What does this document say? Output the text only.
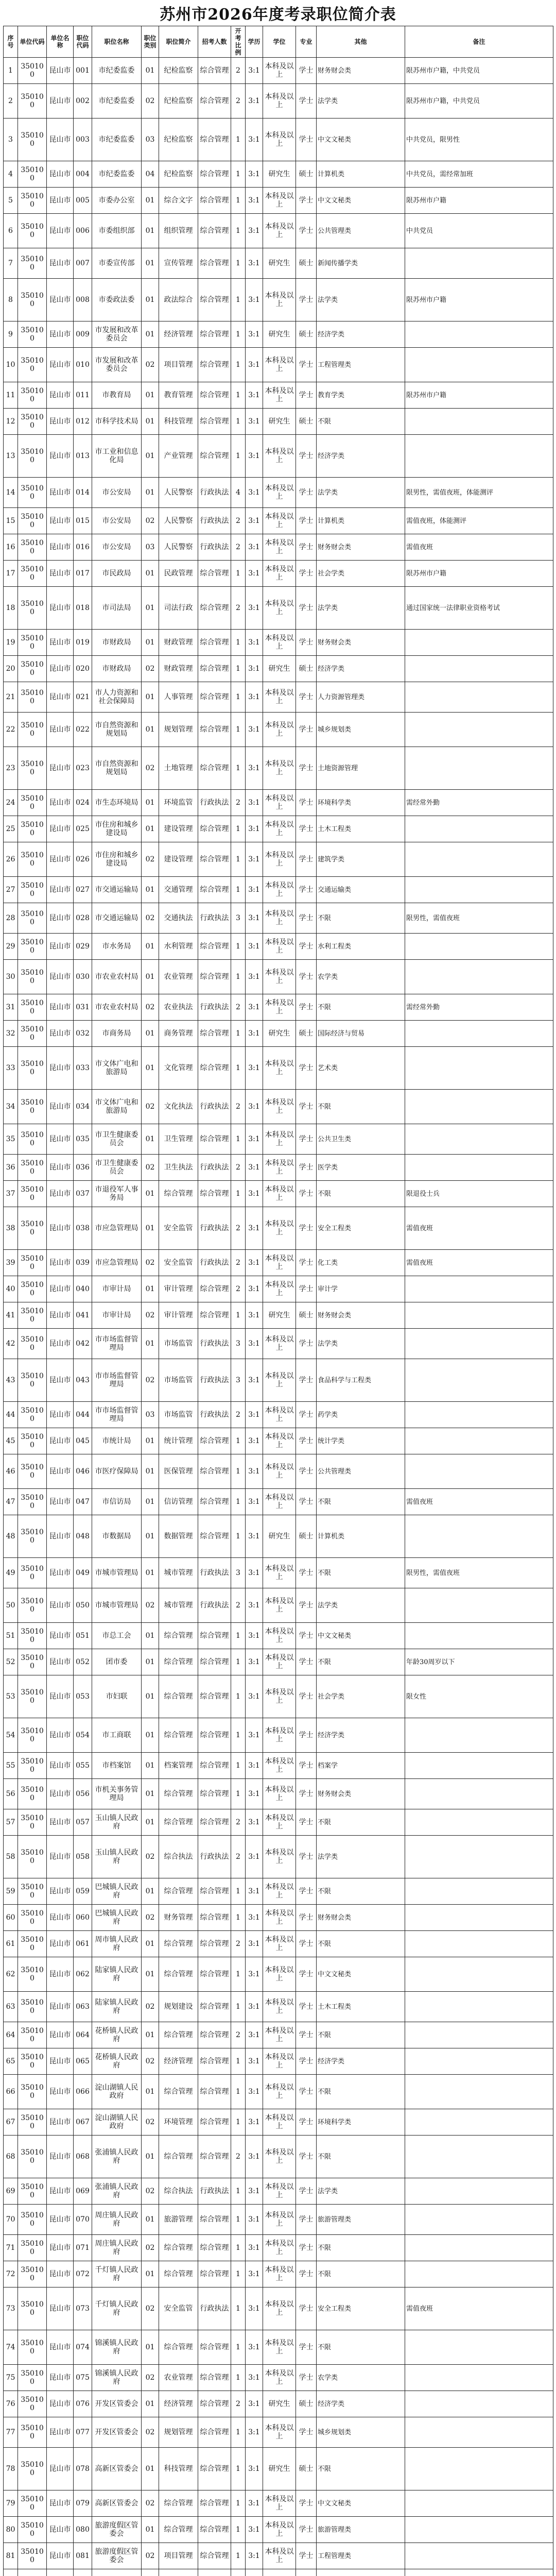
苏州市2026年度考录职位简介表
序号	单位代码	单位名称	职位代码	职位名称	职位类别	职位简介	招考人数	开考比例	学历	学位	专业	其他	备注
1	350100	昆山市	001	市纪委监委	01	纪检监察	综合管理	2	3:1	本科及以上	学士	财务财会类	限苏州市户籍，中共党员
2	350100	昆山市	002	市纪委监委	02	纪检监察	综合管理	2	3:1	本科及以上	学士	法学类	限苏州市户籍，中共党员
3	350100	昆山市	003	市纪委监委	03	纪检监察	综合管理	1	3:1	本科及以上	学士	中文文秘类	中共党员，限男性
4	350100	昆山市	004	市纪委监委	04	纪检监察	综合管理	1	3:1	研究生	硕士	计算机类	中共党员，需经常加班
5	350100	昆山市	005	市委办公室	01	综合文字	综合管理	1	3:1	本科及以上	学士	中文文秘类	限苏州市户籍
6	350100	昆山市	006	市委组织部	01	组织管理	综合管理	1	3:1	本科及以上	学士	公共管理类	中共党员
7	350100	昆山市	007	市委宣传部	01	宣传管理	综合管理	1	3:1	研究生	硕士	新闻传播学类	
8	350100	昆山市	008	市委政法委	01	政法综合	综合管理	1	3:1	本科及以上	学士	法学类	限苏州市户籍
9	350100	昆山市	009	市发展和改革委员会	01	经济管理	综合管理	1	3:1	研究生	硕士	经济学类	
10	350100	昆山市	010	市发展和改革委员会	02	项目管理	综合管理	1	3:1	本科及以上	学士	工程管理类	
11	350100	昆山市	011	市教育局	01	教育管理	综合管理	1	3:1	本科及以上	学士	教育学类	限苏州市户籍
12	350100	昆山市	012	市科学技术局	01	科技管理	综合管理	1	3:1	研究生	硕士	不限	
13	350100	昆山市	013	市工业和信息化局	01	产业管理	综合管理	1	3:1	本科及以上	学士	经济学类	
14	350100	昆山市	014	市公安局	01	人民警察	行政执法	4	3:1	本科及以上	学士	法学类	限男性，需值夜班，体能测评
15	350100	昆山市	015	市公安局	02	人民警察	行政执法	2	3:1	本科及以上	学士	计算机类	需值夜班，体能测评
16	350100	昆山市	016	市公安局	03	人民警察	行政执法	2	3:1	本科及以上	学士	财务财会类	需值夜班
17	350100	昆山市	017	市民政局	01	民政管理	综合管理	1	3:1	本科及以上	学士	社会学类	限苏州市户籍
18	350100	昆山市	018	市司法局	01	司法行政	综合管理	2	3:1	本科及以上	学士	法学类	通过国家统一法律职业资格考试
19	350100	昆山市	019	市财政局	01	财政管理	综合管理	1	3:1	本科及以上	学士	财务财会类	
20	350100	昆山市	020	市财政局	02	财政管理	综合管理	1	3:1	研究生	硕士	经济学类	
21	350100	昆山市	021	市人力资源和社会保障局	01	人事管理	综合管理	1	3:1	本科及以上	学士	人力资源管理类	
22	350100	昆山市	022	市自然资源和规划局	01	规划管理	综合管理	1	3:1	本科及以上	学士	城乡规划类	
23	350100	昆山市	023	市自然资源和规划局	02	土地管理	综合管理	1	3:1	本科及以上	学士	土地资源管理	
24	350100	昆山市	024	市生态环境局	01	环境监管	行政执法	2	3:1	本科及以上	学士	环境科学类	需经常外勤
25	350100	昆山市	025	市住房和城乡建设局	01	建设管理	综合管理	1	3:1	本科及以上	学士	土木工程类	
26	350100	昆山市	026	市住房和城乡建设局	02	建设管理	综合管理	1	3:1	本科及以上	学士	建筑学类	
27	350100	昆山市	027	市交通运输局	01	交通管理	综合管理	1	3:1	本科及以上	学士	交通运输类	
28	350100	昆山市	028	市交通运输局	02	交通执法	行政执法	3	3:1	本科及以上	学士	不限	限男性，需值夜班
29	350100	昆山市	029	市水务局	01	水利管理	综合管理	1	3:1	本科及以上	学士	水利工程类	
30	350100	昆山市	030	市农业农村局	01	农业管理	综合管理	1	3:1	本科及以上	学士	农学类	
31	350100	昆山市	031	市农业农村局	02	农业执法	行政执法	2	3:1	本科及以上	学士	不限	需经常外勤
32	350100	昆山市	032	市商务局	01	商务管理	综合管理	1	3:1	研究生	硕士	国际经济与贸易	
33	350100	昆山市	033	市文体广电和旅游局	01	文化管理	综合管理	1	3:1	本科及以上	学士	艺术类	
34	350100	昆山市	034	市文体广电和旅游局	02	文化执法	行政执法	2	3:1	本科及以上	学士	不限	
35	350100	昆山市	035	市卫生健康委员会	01	卫生管理	综合管理	1	3:1	本科及以上	学士	公共卫生类	
36	350100	昆山市	036	市卫生健康委员会	02	卫生执法	行政执法	2	3:1	本科及以上	学士	医学类	
37	350100	昆山市	037	市退役军人事务局	01	综合管理	综合管理	1	3:1	本科及以上	学士	不限	限退役士兵
38	350100	昆山市	038	市应急管理局	01	安全监管	行政执法	2	3:1	本科及以上	学士	安全工程类	需值夜班
39	350100	昆山市	039	市应急管理局	02	安全监管	行政执法	2	3:1	本科及以上	学士	化工类	需值夜班
40	350100	昆山市	040	市审计局	01	审计管理	综合管理	2	3:1	本科及以上	学士	审计学	
41	350100	昆山市	041	市审计局	02	审计管理	综合管理	1	3:1	研究生	硕士	财务财会类	
42	350100	昆山市	042	市市场监督管理局	01	市场监管	行政执法	3	3:1	本科及以上	学士	法学类	
43	350100	昆山市	043	市市场监督管理局	02	市场监管	行政执法	3	3:1	本科及以上	学士	食品科学与工程类	
44	350100	昆山市	044	市市场监督管理局	03	市场监管	行政执法	2	3:1	本科及以上	学士	药学类	
45	350100	昆山市	045	市统计局	01	统计管理	综合管理	1	3:1	本科及以上	学士	统计学类	
46	350100	昆山市	046	市医疗保障局	01	医保管理	综合管理	1	3:1	本科及以上	学士	公共管理类	
47	350100	昆山市	047	市信访局	01	信访管理	综合管理	1	3:1	本科及以上	学士	不限	需值夜班
48	350100	昆山市	048	市数据局	01	数据管理	综合管理	1	3:1	研究生	硕士	计算机类	
49	350100	昆山市	049	市城市管理局	01	城市管理	行政执法	3	3:1	本科及以上	学士	不限	限男性，需值夜班
50	350100	昆山市	050	市城市管理局	02	城市管理	行政执法	2	3:1	本科及以上	学士	法学类	
51	350100	昆山市	051	市总工会	01	综合管理	综合管理	1	3:1	本科及以上	学士	中文文秘类	
52	350100	昆山市	052	团市委	01	综合管理	综合管理	1	3:1	本科及以上	学士	不限	年龄30周岁以下
53	350100	昆山市	053	市妇联	01	综合管理	综合管理	1	3:1	本科及以上	学士	社会学类	限女性
54	350100	昆山市	054	市工商联	01	综合管理	综合管理	1	3:1	本科及以上	学士	经济学类	
55	350100	昆山市	055	市档案馆	01	档案管理	综合管理	1	3:1	本科及以上	学士	档案学	
56	350100	昆山市	056	市机关事务管理局	01	综合管理	综合管理	1	3:1	本科及以上	学士	财务财会类	
57	350100	昆山市	057	玉山镇人民政府	01	综合管理	综合管理	2	3:1	本科及以上	学士	不限	
58	350100	昆山市	058	玉山镇人民政府	02	综合执法	行政执法	2	3:1	本科及以上	学士	法学类	
59	350100	昆山市	059	巴城镇人民政府	01	综合管理	综合管理	1	3:1	本科及以上	学士	不限	
60	350100	昆山市	060	巴城镇人民政府	02	财务管理	综合管理	1	3:1	本科及以上	学士	财务财会类	
61	350100	昆山市	061	周市镇人民政府	01	综合管理	综合管理	2	3:1	本科及以上	学士	不限	
62	350100	昆山市	062	陆家镇人民政府	01	综合管理	综合管理	1	3:1	本科及以上	学士	中文文秘类	
63	350100	昆山市	063	陆家镇人民政府	02	规划建设	综合管理	1	3:1	本科及以上	学士	土木工程类	
64	350100	昆山市	064	花桥镇人民政府	01	综合管理	综合管理	2	3:1	本科及以上	学士	不限	
65	350100	昆山市	065	花桥镇人民政府	02	经济管理	综合管理	1	3:1	本科及以上	学士	经济学类	
66	350100	昆山市	066	淀山湖镇人民政府	01	综合管理	综合管理	1	3:1	本科及以上	学士	不限	
67	350100	昆山市	067	淀山湖镇人民政府	02	环境管理	综合管理	1	3:1	本科及以上	学士	环境科学类	
68	350100	昆山市	068	张浦镇人民政府	01	综合管理	综合管理	2	3:1	本科及以上	学士	不限	
69	350100	昆山市	069	张浦镇人民政府	02	综合执法	行政执法	1	3:1	本科及以上	学士	法学类	
70	350100	昆山市	070	周庄镇人民政府	01	旅游管理	综合管理	1	3:1	本科及以上	学士	旅游管理类	
71	350100	昆山市	071	周庄镇人民政府	02	综合管理	综合管理	1	3:1	本科及以上	学士	不限	
72	350100	昆山市	072	千灯镇人民政府	01	综合管理	综合管理	1	3:1	本科及以上	学士	不限	
73	350100	昆山市	073	千灯镇人民政府	02	安全监管	行政执法	1	3:1	本科及以上	学士	安全工程类	需值夜班
74	350100	昆山市	074	锦溪镇人民政府	01	综合管理	综合管理	1	3:1	本科及以上	学士	不限	
75	350100	昆山市	075	锦溪镇人民政府	02	农业管理	综合管理	1	3:1	本科及以上	学士	农学类	
76	350100	昆山市	076	开发区管委会	01	经济管理	综合管理	2	3:1	研究生	硕士	经济学类	
77	350100	昆山市	077	开发区管委会	02	规划管理	综合管理	1	3:1	本科及以上	学士	城乡规划类	
78	350100	昆山市	078	高新区管委会	01	科技管理	综合管理	1	3:1	研究生	硕士	不限	
79	350100	昆山市	079	高新区管委会	02	综合管理	综合管理	1	3:1	本科及以上	学士	中文文秘类	
80	350100	昆山市	080	旅游度假区管委会	01	综合管理	综合管理	1	3:1	本科及以上	学士	旅游管理类	
81	350100	昆山市	081	旅游度假区管委会	02	项目管理	综合管理	1	3:1	本科及以上	学士	工程管理类	
